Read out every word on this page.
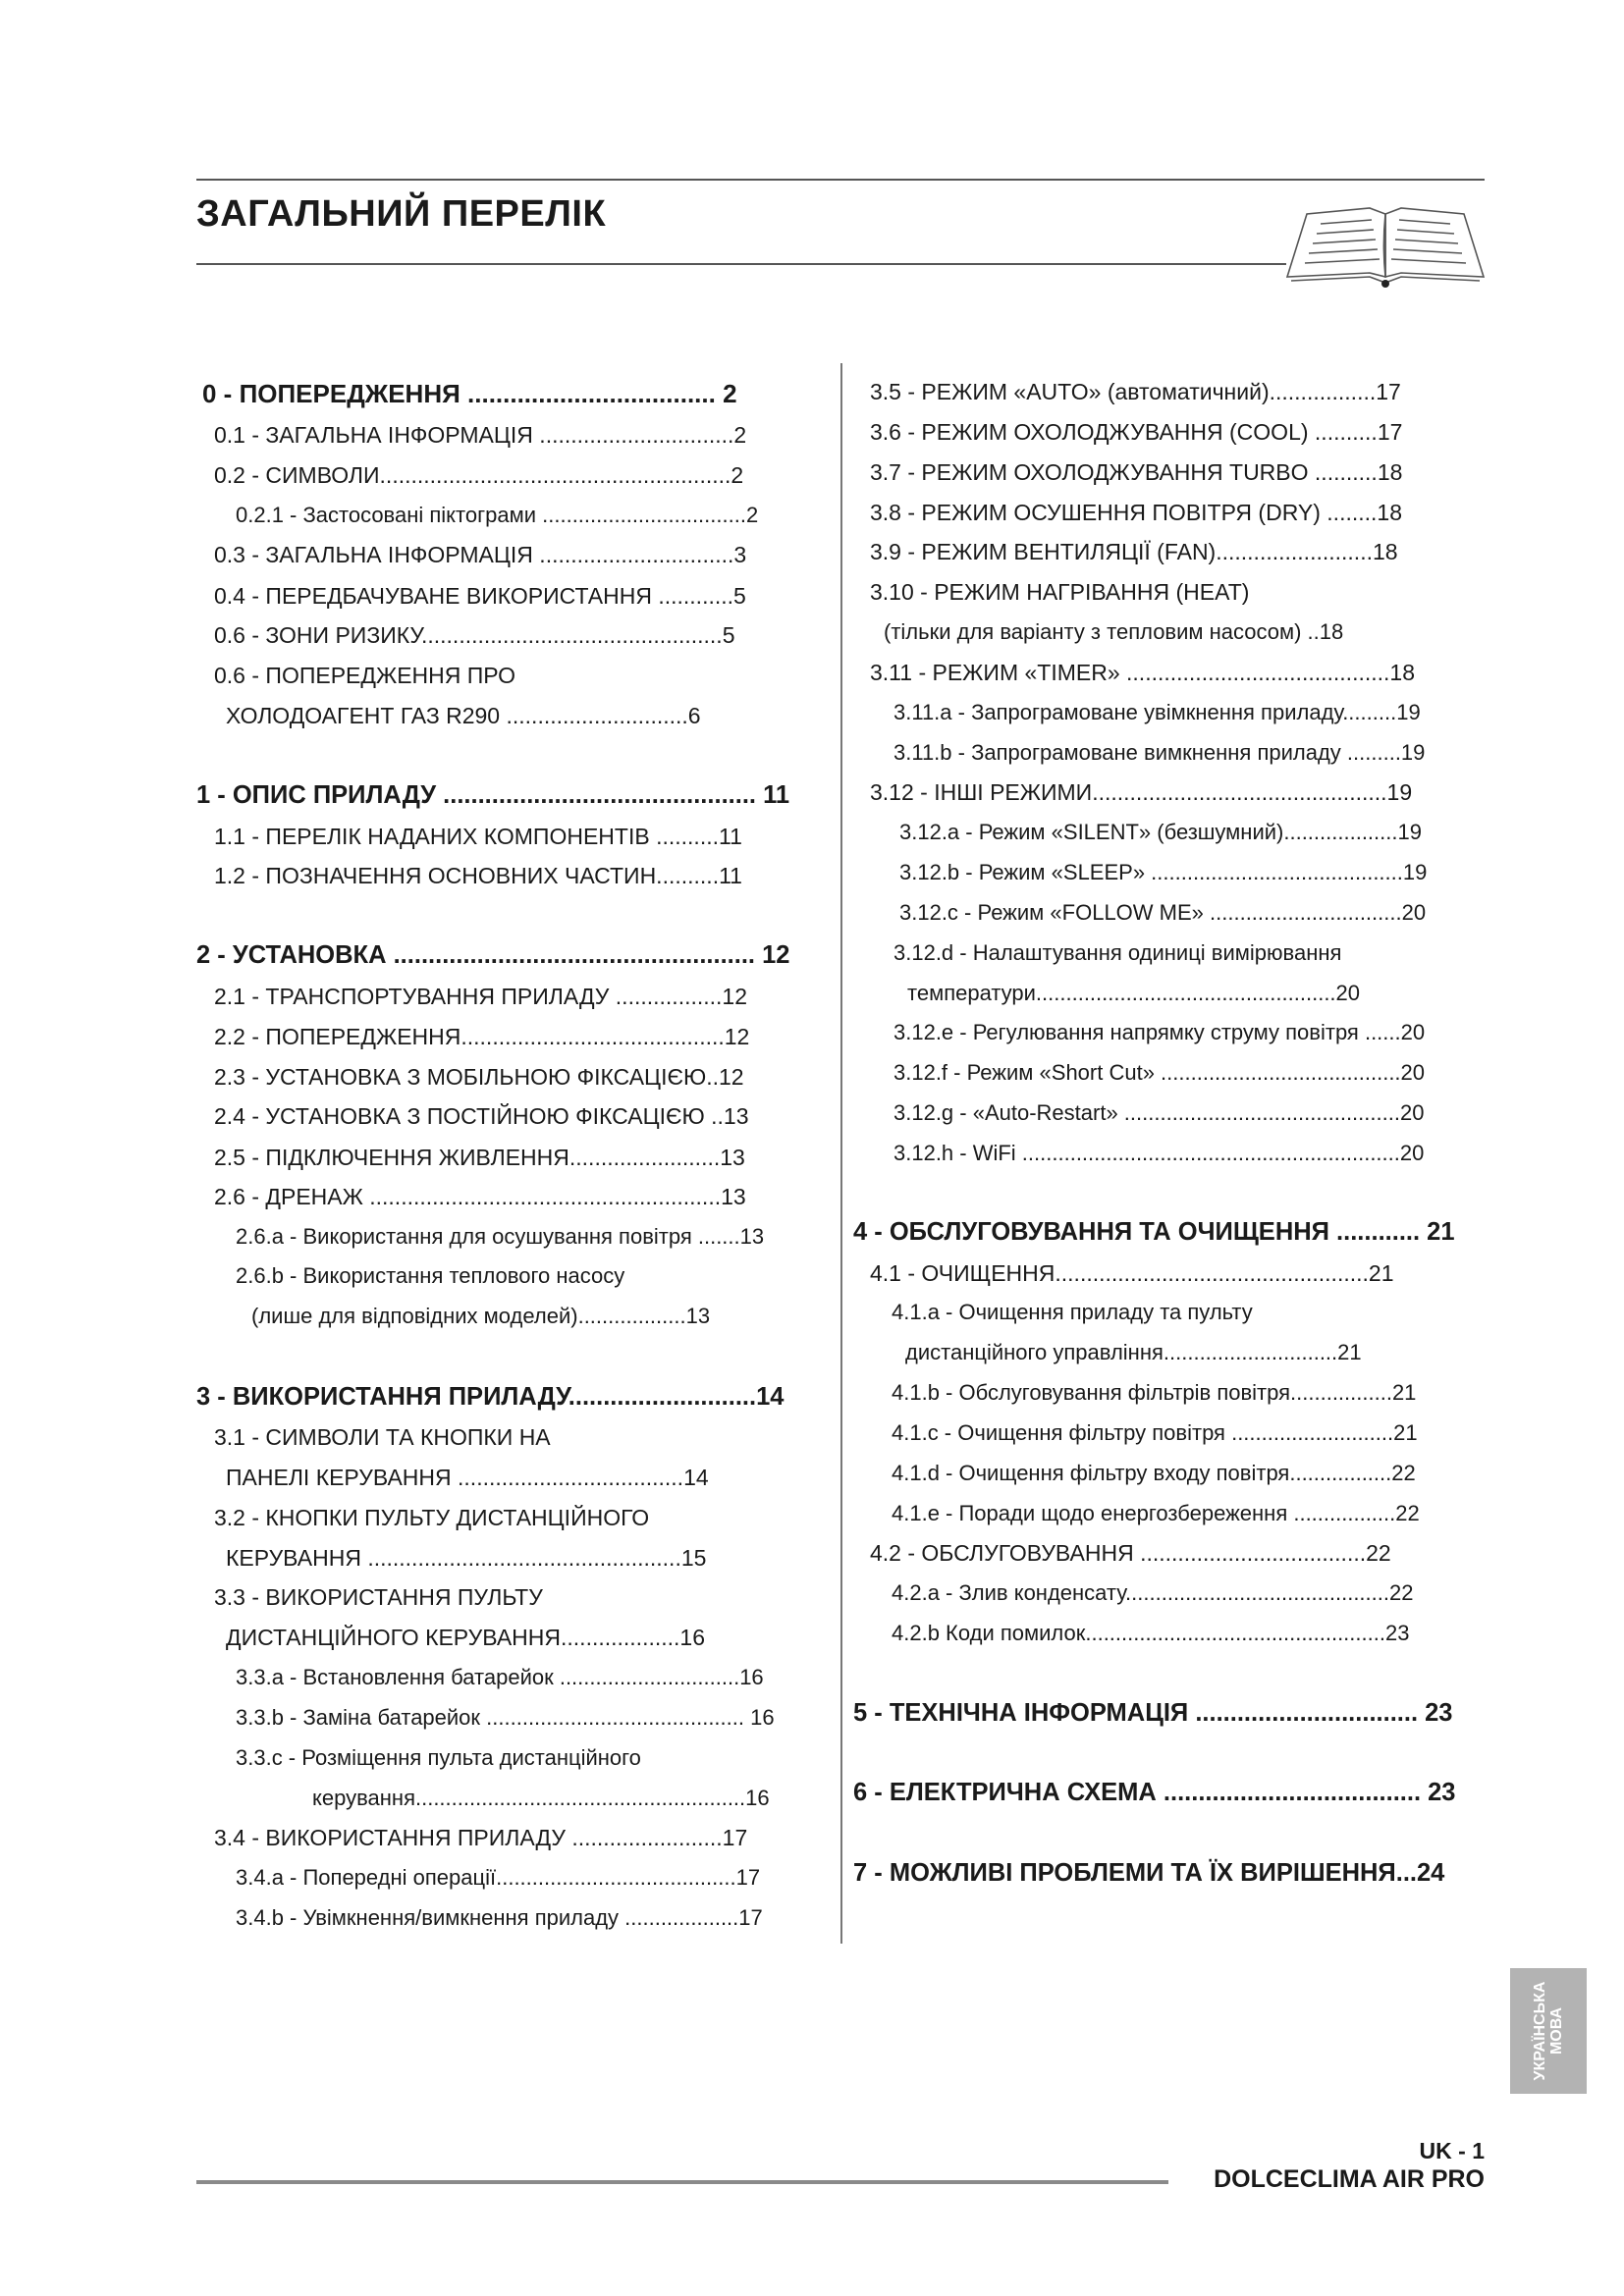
ЗАГАЛЬНИЙ ПЕРЕЛІК
0 - ПОПЕРЕДЖЕННЯ ................................... 2
0.1 - ЗАГАЛЬНА ІНФОРМАЦІЯ ...............................2
0.2 - СИМВОЛИ........................................................2
0.2.1 - Застосовані піктограми ..................................2
0.3 - ЗАГАЛЬНА ІНФОРМАЦІЯ ...............................3
0.4 - ПЕРЕДБАЧУВАНЕ ВИКОРИСТАННЯ ............5
0.6 - ЗОНИ РИЗИКУ................................................5
0.6 - ПОПЕРЕДЖЕННЯ ПРО
ХОЛОДОАГЕНТ ГАЗ R290 .............................6
1 - ОПИС ПРИЛАДУ ............................................. 11
1.1 - ПЕРЕЛІК НАДАНИХ КОМПОНЕНТІВ ..........11
1.2 - ПОЗНАЧЕННЯ ОСНОВНИХ ЧАСТИН..........11
2 - УСТАНОВКА .................................................... 12
2.1 - ТРАНСПОРТУВАННЯ ПРИЛАДУ .................12
2.2 - ПОПЕРЕДЖЕННЯ..........................................12
2.3 - УСТАНОВКА З МОБІЛЬНОЮ ФІКСАЦІЄЮ..12
2.4 - УСТАНОВКА З ПОСТІЙНОЮ ФІКСАЦІЄЮ ..13
2.5 - ПІДКЛЮЧЕННЯ ЖИВЛЕННЯ........................13
2.6 - ДРЕНАЖ ........................................................13
2.6.a - Використання для осушування повітря .......13
2.6.b - Використання теплового насосу
(лише для відповідних моделей)..................13
3 - ВИКОРИСТАННЯ ПРИЛАДУ...........................14
3.1 - СИМВОЛИ ТА КНОПКИ НА
ПАНЕЛІ КЕРУВАННЯ ....................................14
3.2 - КНОПКИ ПУЛЬТУ ДИСТАНЦІЙНОГО
КЕРУВАННЯ ..................................................15
3.3 - ВИКОРИСТАННЯ ПУЛЬТУ
ДИСТАНЦІЙНОГО КЕРУВАННЯ...................16
3.3.a - Встановлення батарейок ..............................16
3.3.b - Заміна батарейок ........................................... 16
3.3.c - Розміщення пульта дистанційного
керування.......................................................16
3.4 - ВИКОРИСТАННЯ ПРИЛАДУ ........................17
3.4.a - Попередні операції........................................17
3.4.b - Увімкнення/вимкнення приладу ...................17
3.5 - РЕЖИМ «AUTO» (автоматичний).................17
3.6 - РЕЖИМ ОХОЛОДЖУВАННЯ (COOL) ..........17
3.7 - РЕЖИМ ОХОЛОДЖУВАННЯ TURBO ..........18
3.8 - РЕЖИМ ОСУШЕННЯ ПОВІТРЯ (DRY) ........18
3.9 - РЕЖИМ ВЕНТИЛЯЦІЇ (FAN).........................18
3.10 - РЕЖИМ НАГРІВАННЯ (HEAT)
(тільки для варіанту з тепловим насосом) ..18
3.11 - РЕЖИМ «TIMER» ..........................................18
3.11.a - Запрограмоване увімкнення приладу.........19
3.11.b - Запрограмоване вимкнення приладу .........19
3.12 - ІНШІ РЕЖИМИ...............................................19
3.12.a - Режим «SILENT» (безшумний)...................19
3.12.b - Режим «SLEEP» ..........................................19
3.12.c - Режим «FOLLOW ME» ................................20
3.12.d - Налаштування одиниці вимірювання
температури..................................................20
3.12.e - Регулювання напрямку струму повітря ......20
3.12.f - Режим «Short Cut» ........................................20
3.12.g - «Auto-Restart» ..............................................20
3.12.h - WiFi ...............................................................20
4 - ОБСЛУГОВУВАННЯ ТА ОЧИЩЕННЯ ............ 21
4.1 - ОЧИЩЕННЯ..................................................21
4.1.a - Очищення приладу та пульту
дистанційного управління.............................21
4.1.b - Обслуговування фільтрів повітря.................21
4.1.c - Очищення фільтру повітря ...........................21
4.1.d - Очищення фільтру входу повітря.................22
4.1.e - Поради щодо енергозбереження .................22
4.2 - ОБСЛУГОВУВАННЯ ....................................22
4.2.a - Злив конденсату............................................22
4.2.b Коди помилок..................................................23
5 - ТЕХНІЧНА ІНФОРМАЦІЯ ................................ 23
6 - ЕЛЕКТРИЧНА СХЕМА ..................................... 23
7 - МОЖЛИВІ ПРОБЛЕМИ ТА ЇХ ВИРІШЕННЯ...24
УКРАЇНСЬКА МОВА
UK - 1
DOLCECLIMA AIR PRO
